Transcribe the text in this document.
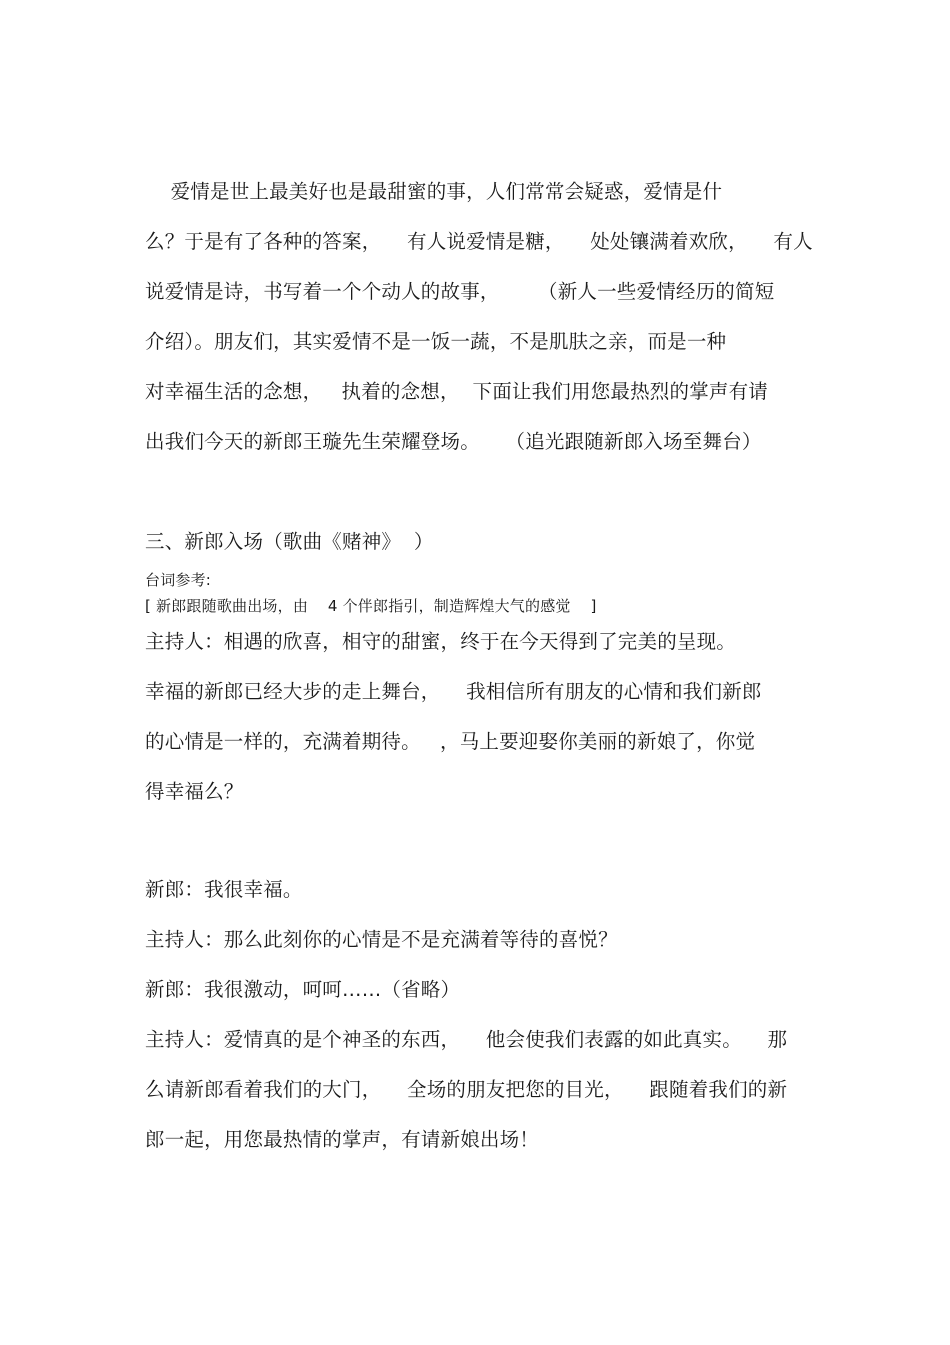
爱情是世上最美好也是最甜蜜的事，人们常常会疑惑，爱情是什
么？于是有了各种的答案，    有人说爱情是糖，    处处镶满着欢欣，    有人
说爱情是诗，书写着一个个动人的故事，      （新人一些爱情经历的简短
介绍）。朋友们，其实爱情不是一饭一蔬，不是肌肤之亲，而是一种
对幸福生活的念想，   执着的念想，  下面让我们用您最热烈的掌声有请
出我们今天的新郎王璇先生荣耀登场。    （追光跟随新郎入场至舞台）
三、新郎入场（歌曲《赌神》  ）
台词参考:
[ 新郎跟随歌曲出场，由    4 个伴郎指引，制造辉煌大气的感觉    ]
主持人：相遇的欣喜，相守的甜蜜，终于在今天得到了完美的呈现。
幸福的新郎已经大步的走上舞台，    我相信所有朋友的心情和我们新郎
的心情是一样的，充满着期待。   ，马上要迎娶你美丽的新娘了，你觉
得幸福么？
新郎：我很幸福。
主持人：那么此刻你的心情是不是充满着等待的喜悦？
新郎：我很激动，呵呵……（省略）
主持人：爱情真的是个神圣的东西，    他会使我们表露的如此真实。    那
么请新郎看着我们的大门，    全场的朋友把您的目光，    跟随着我们的新
郎一起，用您最热情的掌声，有请新娘出场！
